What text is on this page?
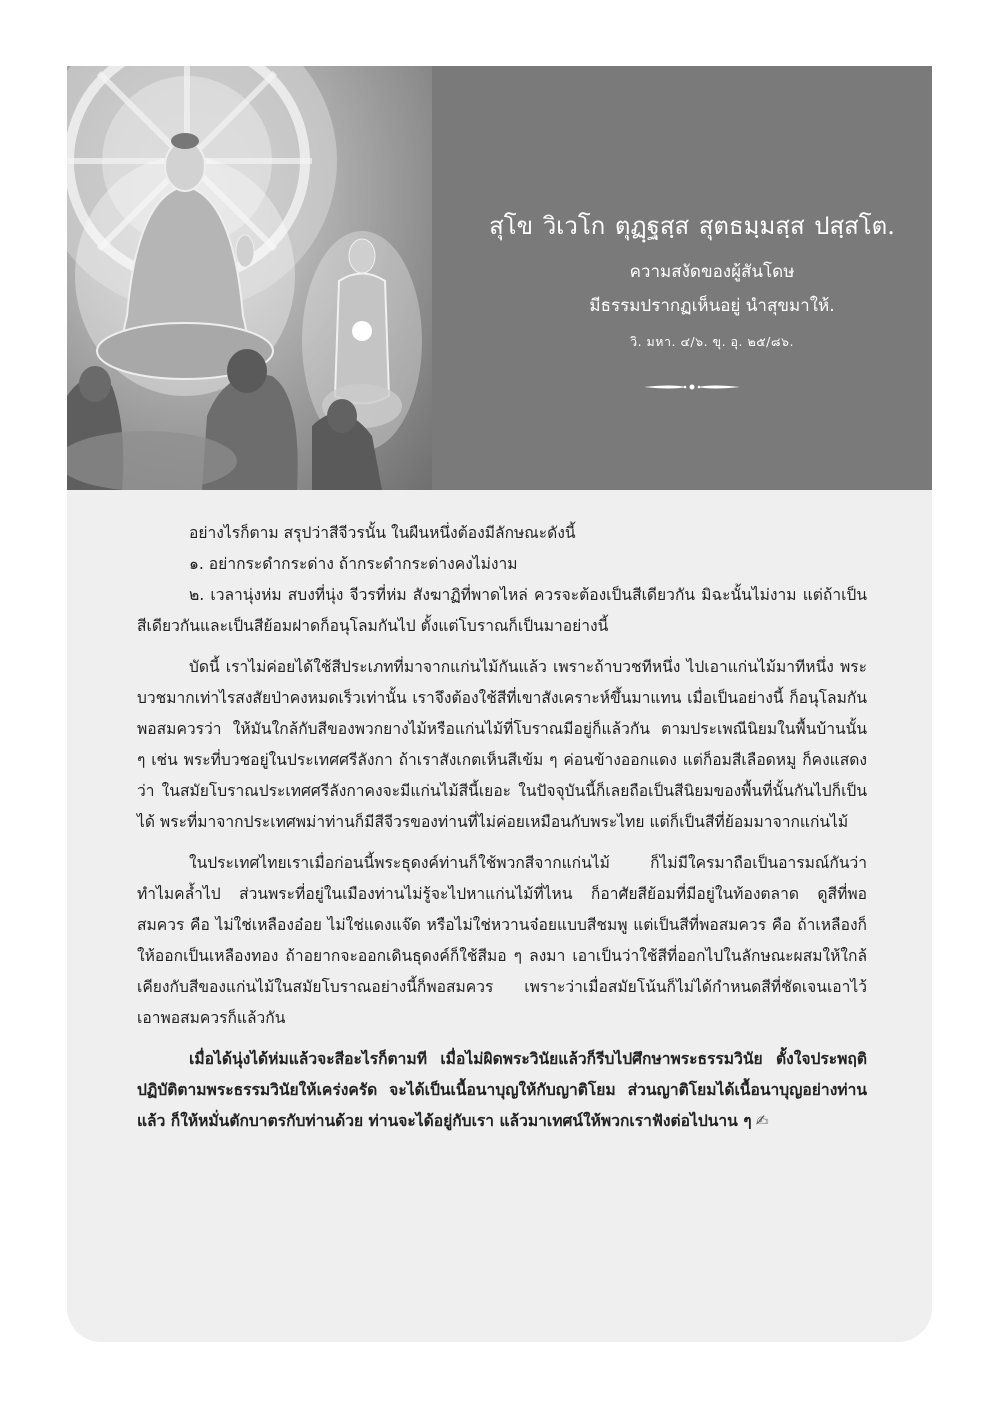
สุโข วิเวโก ตุฏฺฐสฺส สุตธมฺมสฺส ปสฺสโต.
ความสงัดของผู้สันโดษ
มีธรรมปรากฏเห็นอยู่ นำสุขมาให้.
วิ. มหา. ๔/๖. ขุ. อุ. ๒๕/๘๖.

อย่างไรก็ตาม สรุปว่าสีจีวรนั้น ในผืนหนึ่งต้องมีลักษณะดังนี้

๑. อย่ากระดำกระด่าง ถ้ากระดำกระด่างคงไม่งาม

๒. เวลานุ่งห่ม สบงที่นุ่ง จีวรที่ห่ม สังฆาฏิที่พาดไหล่ ควรจะต้องเป็นสีเดียวกัน มิฉะนั้นไม่งาม แต่ถ้าเป็นสีเดียวกันและเป็นสีย้อมฝาดก็อนุโลมกันไป ตั้งแต่โบราณก็เป็นมาอย่างนี้

บัดนี้ เราไม่ค่อยได้ใช้สีประเภทที่มาจากแก่นไม้กันแล้ว เพราะถ้าบวชทีหนึ่ง ไปเอาแก่นไม้มาทีหนึ่ง พระบวชมากเท่าไรสงสัยป่าคงหมดเร็วเท่านั้น เราจึงต้องใช้สีที่เขาสังเคราะห์ขึ้นมาแทน เมื่อเป็นอย่างนี้ ก็อนุโลมกันพอสมควรว่า ให้มันใกล้กับสีของพวกยางไม้หรือแก่นไม้ที่โบราณมีอยู่ก็แล้วกัน ตามประเพณีนิยมในพื้นบ้านนั้น ๆ เช่น พระที่บวชอยู่ในประเทศศรีลังกา ถ้าเราสังเกตเห็นสีเข้ม ๆ ค่อนข้างออกแดง แต่ก็อมสีเลือดหมู ก็คงแสดงว่า ในสมัยโบราณประเทศศรีลังกาคงจะมีแก่นไม้สีนี้เยอะ ในปัจจุบันนี้ก็เลยถือเป็นสีนิยมของพื้นที่นั้นกันไปก็เป็นได้ พระที่มาจากประเทศพม่าท่านก็มีสีจีวรของท่านที่ไม่ค่อยเหมือนกับพระไทย แต่ก็เป็นสีที่ย้อมมาจากแก่นไม้

ในประเทศไทยเราเมื่อก่อนนี้พระธุดงค์ท่านก็ใช้พวกสีจากแก่นไม้ ก็ไม่มีใครมาถือเป็นอารมณ์กันว่าทำไมคล้ำไป ส่วนพระที่อยู่ในเมืองท่านไม่รู้จะไปหาแก่นไม้ที่ไหน ก็อาศัยสีย้อมที่มีอยู่ในท้องตลาด ดูสีที่พอสมควร คือ ไม่ใช่เหลืองอ๋อย ไม่ใช่แดงแจ๊ด หรือไม่ใช่หวานจ๋อยแบบสีชมพู แต่เป็นสีที่พอสมควร คือ ถ้าเหลืองก็ให้ออกเป็นเหลืองทอง ถ้าอยากจะออกเดินธุดงค์ก็ใช้สีมอ ๆ ลงมา เอาเป็นว่าใช้สีที่ออกไปในลักษณะผสมให้ใกล้เคียงกับสีของแก่นไม้ในสมัยโบราณอย่างนี้ก็พอสมควร เพราะว่าเมื่อสมัยโน้นก็ไม่ได้กำหนดสีที่ชัดเจนเอาไว้ เอาพอสมควรก็แล้วกัน

เมื่อได้นุ่งได้ห่มแล้วจะสีอะไรก็ตามที เมื่อไม่ผิดพระวินัยแล้วก็รีบไปศึกษาพระธรรมวินัย ตั้งใจประพฤติปฏิบัติตามพระธรรมวินัยให้เคร่งครัด จะได้เป็นเนื้อนาบุญให้กับญาติโยม ส่วนญาติโยมได้เนื้อนาบุญอย่างท่านแล้ว ก็ให้หมั่นตักบาตรกับท่านด้วย ท่านจะได้อยู่กับเรา แล้วมาเทศน์ให้พวกเราฟังต่อไปนาน ๆ ✍
